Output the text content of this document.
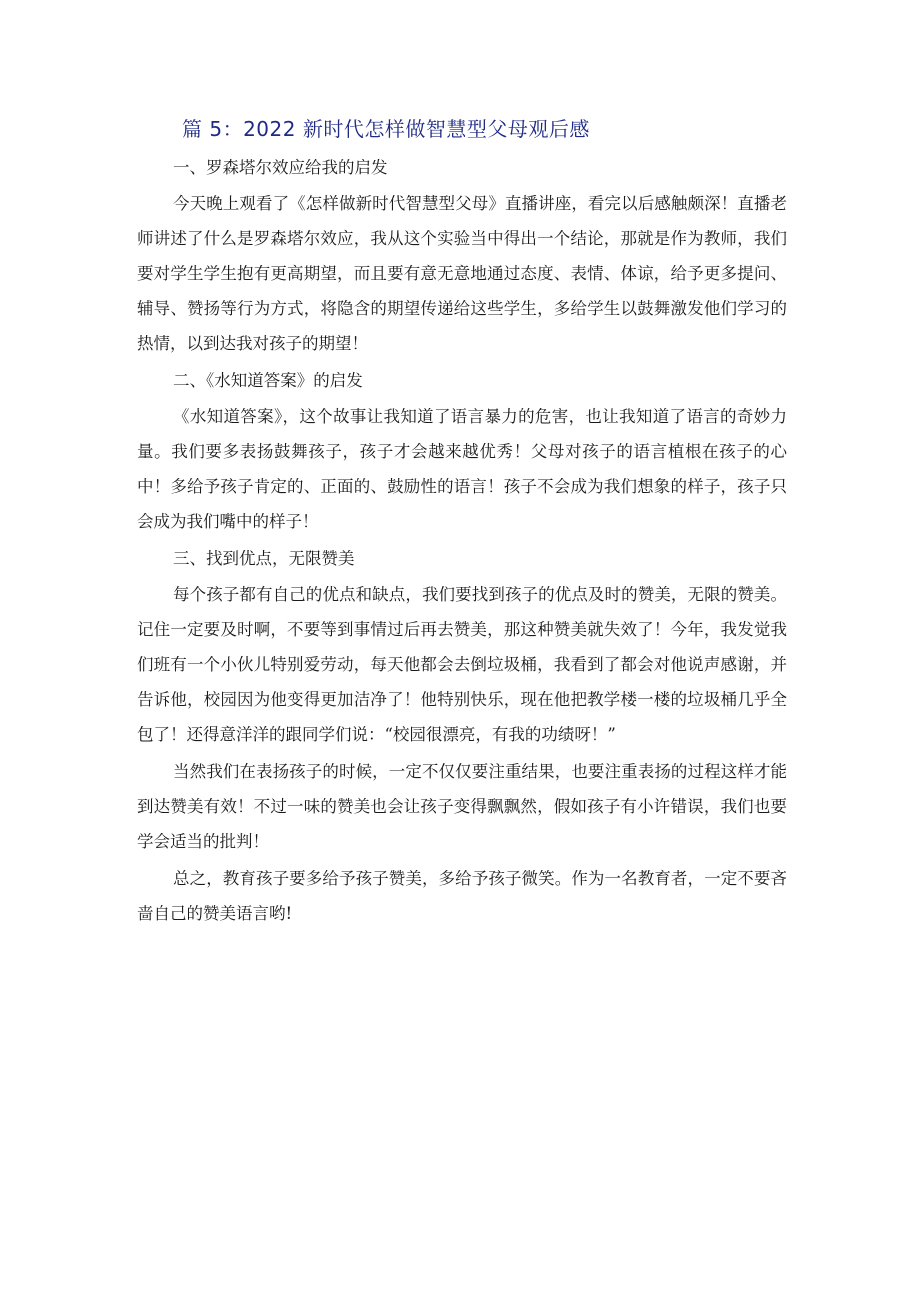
篇 5：2022 新时代怎样做智慧型父母观后感

一、罗森塔尔效应给我的启发

今天晚上观看了《怎样做新时代智慧型父母》直播讲座，看完以后感触颇深！直播老师讲述了什么是罗森塔尔效应，我从这个实验当中得出一个结论，那就是作为教师，我们要对学生学生抱有更高期望，而且要有意无意地通过态度、表情、体谅，给予更多提问、辅导、赞扬等行为方式，将隐含的期望传递给这些学生，多给学生以鼓舞激发他们学习的热情，以到达我对孩子的期望！

二、《水知道答案》的启发

《水知道答案》，这个故事让我知道了语言暴力的危害，也让我知道了语言的奇妙力量。我们要多表扬鼓舞孩子，孩子才会越来越优秀！父母对孩子的语言植根在孩子的心中！多给予孩子肯定的、正面的、鼓励性的语言！孩子不会成为我们想象的样子，孩子只会成为我们嘴中的样子！

三、找到优点，无限赞美

每个孩子都有自己的优点和缺点，我们要找到孩子的优点及时的赞美，无限的赞美。记住一定要及时啊，不要等到事情过后再去赞美，那这种赞美就失效了！今年，我发觉我们班有一个小伙儿特别爱劳动，每天他都会去倒垃圾桶，我看到了都会对他说声感谢，并告诉他，校园因为他变得更加洁净了！他特别快乐，现在他把教学楼一楼的垃圾桶几乎全包了！还得意洋洋的跟同学们说：“校园很漂亮，有我的功绩呀！”

当然我们在表扬孩子的时候，一定不仅仅要注重结果，也要注重表扬的过程这样才能到达赞美有效！不过一味的赞美也会让孩子变得飘飘然，假如孩子有小许错误，我们也要学会适当的批判！

总之，教育孩子要多给予孩子赞美，多给予孩子微笑。作为一名教育者，一定不要吝啬自己的赞美语言哟!
